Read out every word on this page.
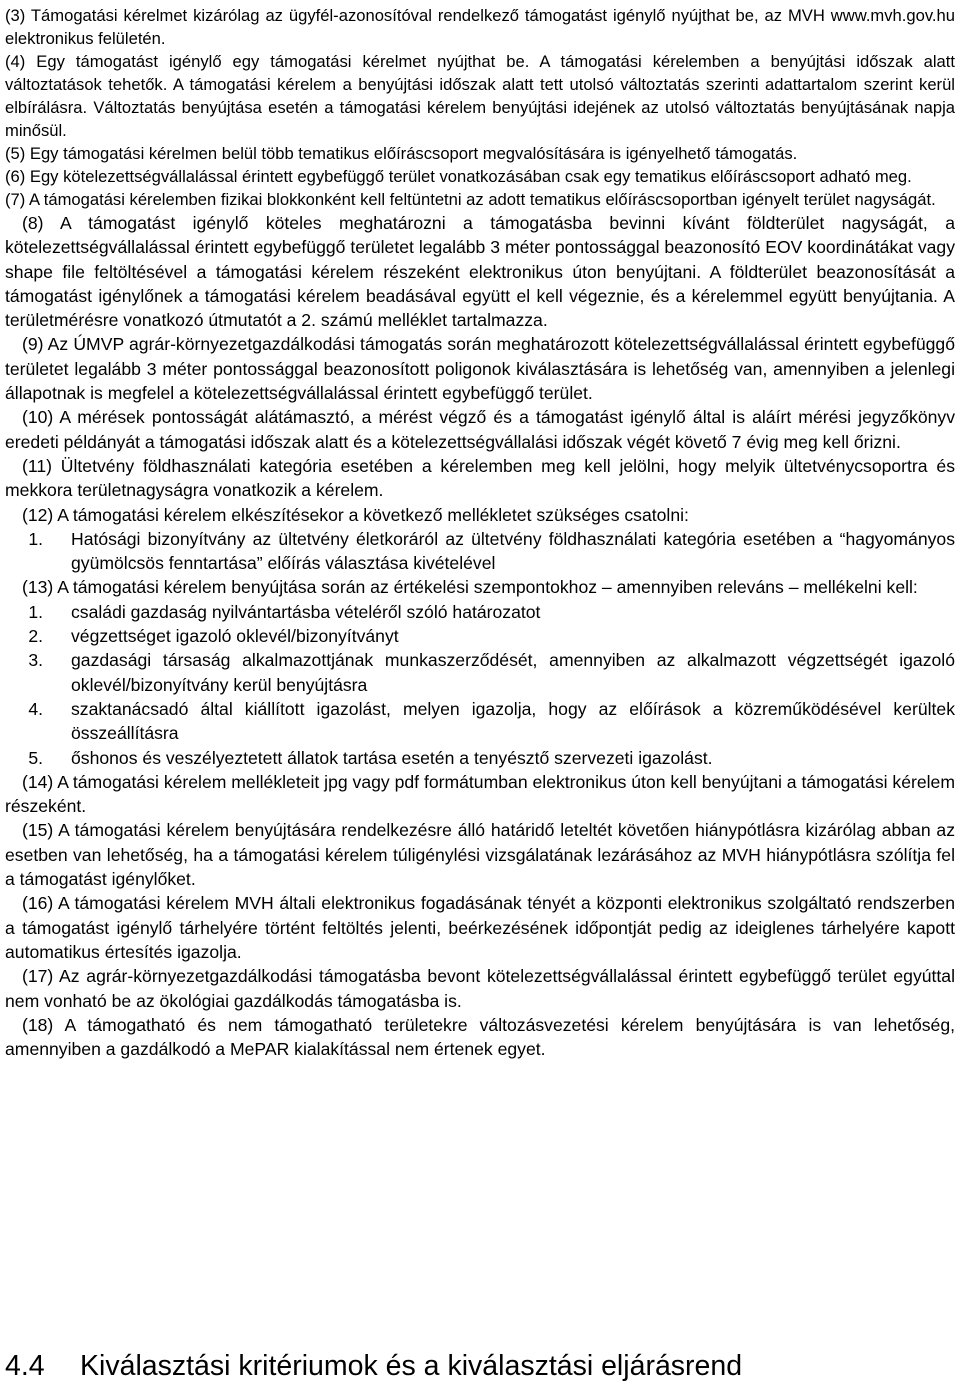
(3) Támogatási kérelmet kizárólag az ügyfél-azonosítóval rendelkező támogatást igénylő nyújthat be, az MVH www.mvh.gov.hu elektronikus felületén.

(4) Egy támogatást igénylő egy támogatási kérelmet nyújthat be. A támogatási kérelemben a benyújtási időszak alatt változtatások tehetők. A támogatási kérelem a benyújtási időszak alatt tett utolsó változtatás szerinti adattartalom szerint kerül elbírálásra. Változtatás benyújtása esetén a támogatási kérelem benyújtási idejének az utolsó változtatás benyújtásának napja minősül.

(5) Egy támogatási kérelmen belül több tematikus előíráscsoport megvalósítására is igényelhető támogatás.

(6) Egy kötelezettségvállalással érintett egybefüggő terület vonatkozásában csak egy tematikus előíráscsoport adható meg.

(7) A támogatási kérelemben fizikai blokkonként kell feltüntetni az adott tematikus előíráscsoportban igényelt terület nagyságát.

(8) A támogatást igénylő köteles meghatározni a támogatásba bevinni kívánt földterület nagyságát, a kötelezettségvállalással érintett egybefüggő területet legalább 3 méter pontossággal beazonosító EOV koordinátákat vagy shape file feltöltésével a támogatási kérelem részeként elektronikus úton benyújtani. A földterület beazonosítását a támogatást igénylőnek a támogatási kérelem beadásával együtt el kell végeznie, és a kérelemmel együtt benyújtania. A területmérésre vonatkozó útmutatót a 2. számú melléklet tartalmazza.

(9) Az ÚMVP agrár-környezetgazdálkodási támogatás során meghatározott kötelezettségvállalással érintett egybefüggő területet legalább 3 méter pontossággal beazonosított poligonok kiválasztására is lehetőség van, amennyiben a jelenlegi állapotnak is megfelel a kötelezettségvállalással érintett egybefüggő terület.

(10) A mérések pontosságát alátámasztó, a mérést végző és a támogatást igénylő által is aláírt mérési jegyzőkönyv eredeti példányát a támogatási időszak alatt és a kötelezettségvállalási időszak végét követő 7 évig meg kell őrizni.

(11) Ültetvény földhasználati kategória esetében a kérelemben meg kell jelölni, hogy melyik ültetvénycsoportra és mekkora területnagyságra vonatkozik a kérelem.

(12) A támogatási kérelem elkészítésekor a következő mellékletet szükséges csatolni:

1.	Hatósági bizonyítvány az ültetvény életkoráról az ültetvény földhasználati kategória esetében a “hagyományos gyümölcsös fenntartása” előírás választása kivételével

(13) A támogatási kérelem benyújtása során az értékelési szempontokhoz – amennyiben releváns – mellékelni kell:

1.	családi gazdaság nyilvántartásba vételéről szóló határozatot
2.	végzettséget igazoló oklevél/bizonyítványt
3.	gazdasági társaság alkalmazottjának munkaszerződését, amennyiben az alkalmazott végzettségét igazoló oklevél/bizonyítvány kerül benyújtásra
4.	szaktanácsadó által kiállított igazolást, melyen igazolja, hogy az előírások a közreműködésével kerültek összeállításra
5.	őshonos és veszélyeztetett állatok tartása esetén a tenyésztő szervezeti igazolást.

(14) A támogatási kérelem mellékleteit jpg vagy pdf formátumban elektronikus úton kell benyújtani a támogatási kérelem részeként.

(15) A támogatási kérelem benyújtására rendelkezésre álló határidő leteltét követően hiánypótlásra kizárólag abban az esetben van lehetőség, ha a támogatási kérelem túligénylési vizsgálatának lezárásához az MVH hiánypótlásra szólítja fel a támogatást igénylőket.

(16) A támogatási kérelem MVH általi elektronikus fogadásának tényét a központi elektronikus szolgáltató rendszerben a támogatást igénylő tárhelyére történt feltöltés jelenti, beérkezésének időpontját pedig az ideiglenes tárhelyére kapott automatikus értesítés igazolja.

(17) Az agrár-környezetgazdálkodási támogatásba bevont kötelezettségvállalással érintett egybefüggő terület egyúttal nem vonható be az ökológiai gazdálkodás támogatásba is.

(18) A támogatható és nem támogatható területekre változásvezetési kérelem benyújtására is van lehetőség, amennyiben a gazdálkodó a MePAR kialakítással nem értenek egyet.

4.4 Kiválasztási kritériumok és a kiválasztási eljárásrend
